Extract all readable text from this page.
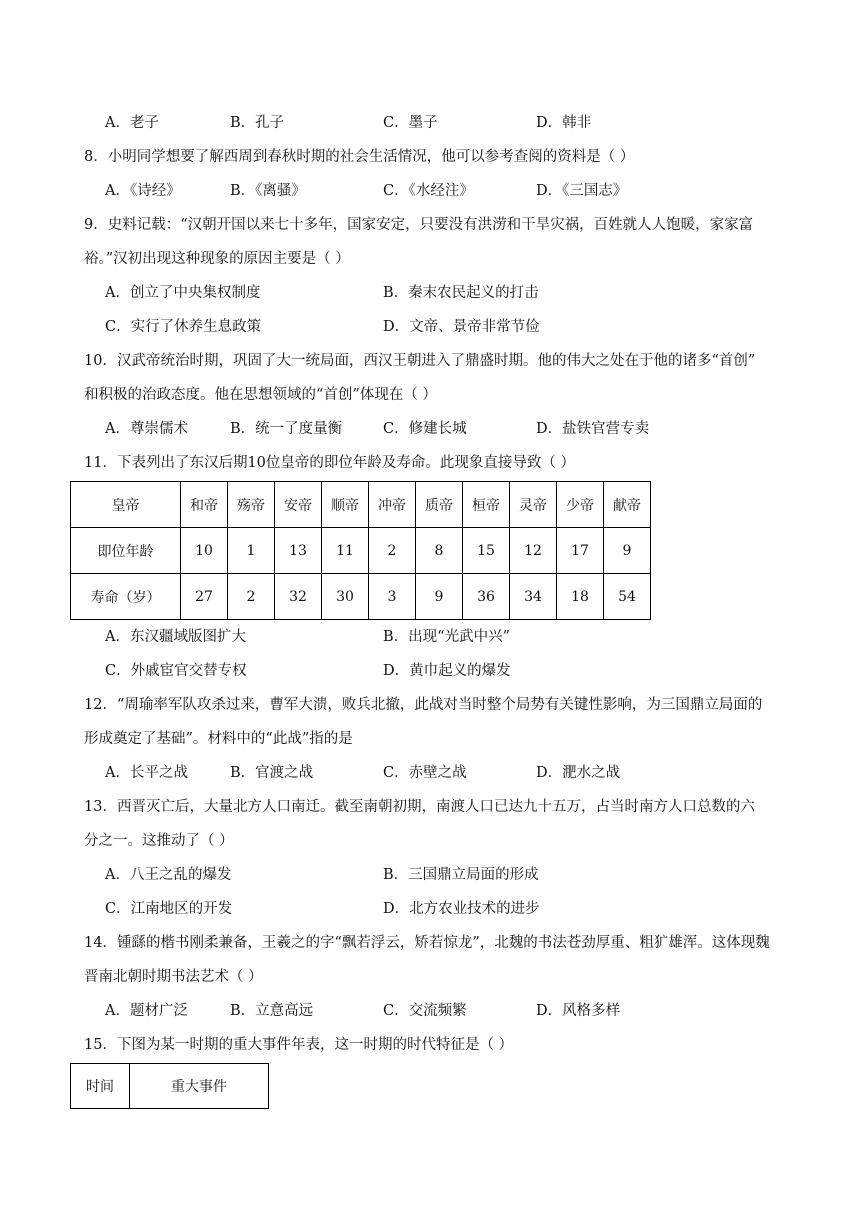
A．老子	B．孔子	C．墨子	D．韩非
8．小明同学想要了解西周到春秋时期的社会生活情况，他可以参考查阅的资料是（ ）
A．《诗经》	B．《离骚》	C．《水经注》	D．《三国志》
9．史料记载：“汉朝开国以来七十多年，国家安定，只要没有洪涝和干旱灾祸，百姓就人人饱暖，家家富
裕。”汉初出现这种现象的原因主要是（ ）
A．创立了中央集权制度	B．秦末农民起义的打击
C．实行了休养生息政策	D．文帝、景帝非常节俭
10．汉武帝统治时期，巩固了大一统局面，西汉王朝进入了鼎盛时期。他的伟大之处在于他的诸多“首创”
和积极的治政态度。他在思想领域的“首创”体现在（ ）
A．尊崇儒术	B．统一了度量衡	C．修建长城	D．盐铁官营专卖
11．下表列出了东汉后期10位皇帝的即位年龄及寿命。此现象直接导致（ ）
皇帝	和帝	殇帝	安帝	顺帝	冲帝	质帝	桓帝	灵帝	少帝	献帝
即位年龄	10	1	13	11	2	8	15	12	17	9
寿命（岁）	27	2	32	30	3	9	36	34	18	54
A．东汉疆域版图扩大	B．出现“光武中兴”
C．外戚宦官交替专权	D．黄巾起义的爆发
12．“周瑜率军队攻杀过来，曹军大溃，败兵北撤，此战对当时整个局势有关键性影响，为三国鼎立局面的
形成奠定了基础”。材料中的“此战”指的是
A．长平之战	B．官渡之战	C．赤壁之战	D．淝水之战
13．西晋灭亡后，大量北方人口南迁。截至南朝初期，南渡人口已达九十五万，占当时南方人口总数的六
分之一。这推动了（ ）
A．八王之乱的爆发	B．三国鼎立局面的形成
C．江南地区的开发	D．北方农业技术的进步
14．锺繇的楷书刚柔兼备，王羲之的字“飘若浮云，矫若惊龙”，北魏的书法苍劲厚重、粗犷雄浑。这体现魏
晋南北朝时期书法艺术（ ）
A．题材广泛	B．立意高远	C．交流频繁	D．风格多样
15．下图为某一时期的重大事件年表，这一时期的时代特征是（ ）
时间	重大事件
